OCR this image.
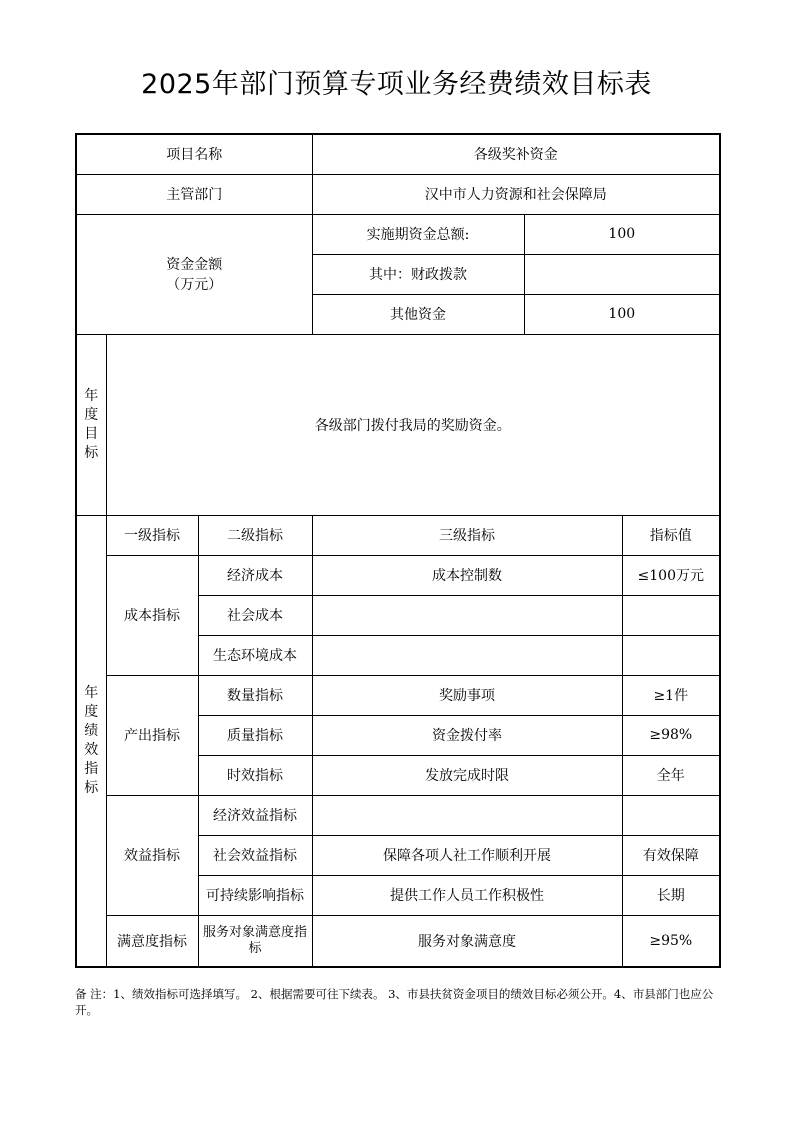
2025年部门预算专项业务经费绩效目标表
项目名称			各级奖补资金		
主管部门			汉中市人力资源和社会保障局		

资金金额
（万元）			实施期资金总额:	100	
			其中：财政拨款		
			其他资金	100	

年度目标	各级部门拨付我局的奖励资金。				

年度绩效指标	一级指标	二级指标	三级指标		指标值
	成本指标	经济成本	成本控制数		≤100万元
		社会成本			
		生态环境成本			
	产出指标	数量指标	奖励事项		≥1件
		质量指标	资金拨付率		≥98%
		时效指标	发放完成时限		全年
	效益指标	经济效益指标			
		社会效益指标	保障各项人社工作顺利开展		有效保障
		可持续影响指标	提供工作人员工作积极性		长期
	满意度指标	服务对象满意度指标	服务对象满意度		≥95%
备 注：1、绩效指标可选择填写。 2、根据需要可往下续表。 3、市县扶贫资金项目的绩效目标必须公开。4、市县部门也应公开。
